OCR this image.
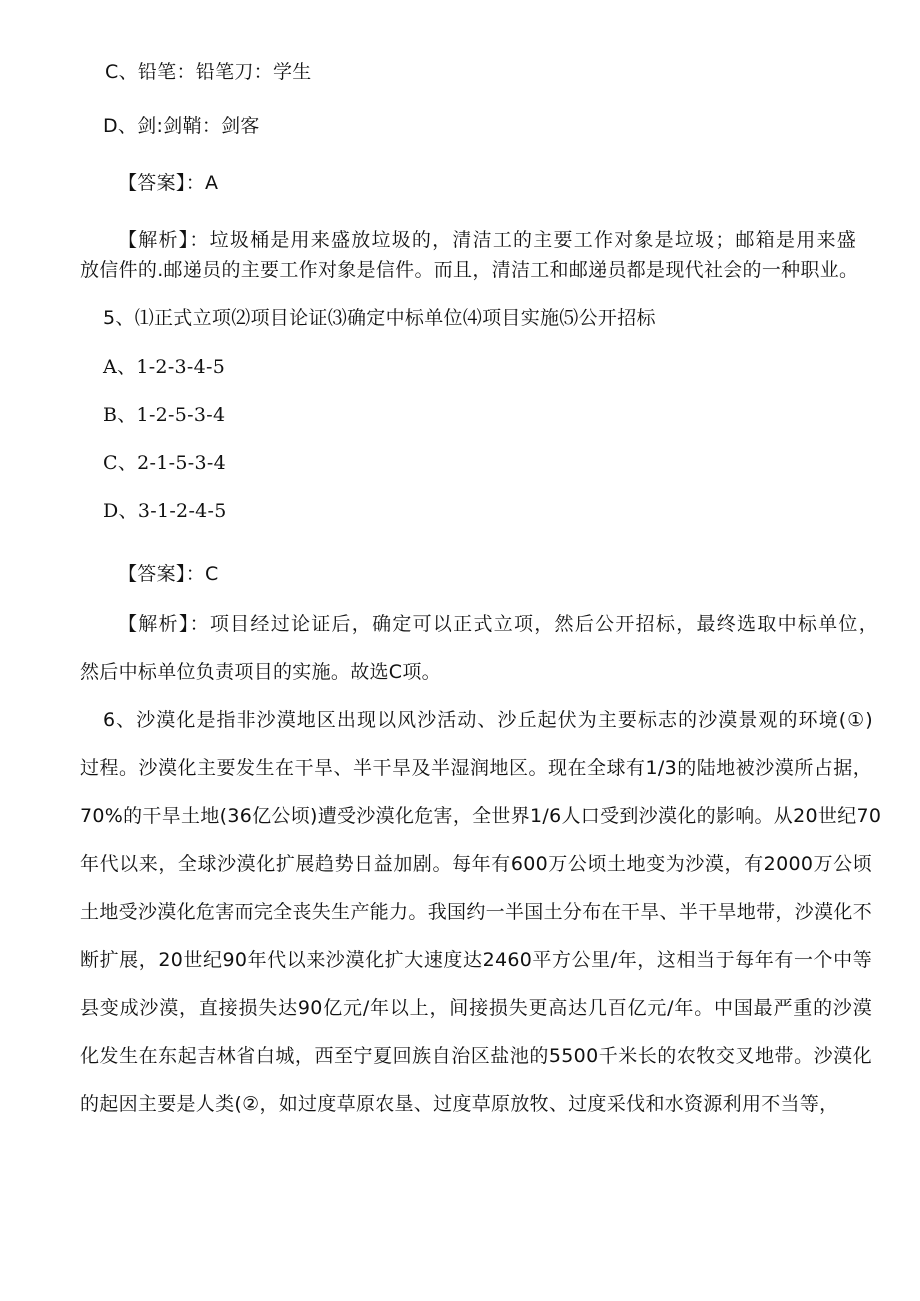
C、铅笔：铅笔刀：学生
D、剑:剑鞘：剑客
【答案】：A
【解析】：垃圾桶是用来盛放垃圾的，清洁工的主要工作对象是垃圾；邮箱是用来盛
放信件的.邮递员的主要工作对象是信件。而且，清洁工和邮递员都是现代社会的一种职业。
5、⑴正式立项⑵项目论证⑶确定中标单位⑷项目实施⑸公开招标
A、1-2-3-4-5
B、1-2-5-3-4
C、2-1-5-3-4
D、3-1-2-4-5
【答案】：C
【解析】：项目经过论证后，确定可以正式立项，然后公开招标，最终选取中标单位，
然后中标单位负责项目的实施。故选C项。
6、沙漠化是指非沙漠地区出现以风沙活动、沙丘起伏为主要标志的沙漠景观的环境(①)
过程。沙漠化主要发生在干旱、半干旱及半湿润地区。现在全球有1/3的陆地被沙漠所占据，
70%的干旱土地(36亿公顷)遭受沙漠化危害，全世界1/6人口受到沙漠化的影响。从20世纪70
年代以来，全球沙漠化扩展趋势日益加剧。每年有600万公顷土地变为沙漠，有2000万公顷
土地受沙漠化危害而完全丧失生产能力。我国约一半国土分布在干旱、半干旱地带，沙漠化不
断扩展，20世纪90年代以来沙漠化扩大速度达2460平方公里/年，这相当于每年有一个中等
县变成沙漠，直接损失达90亿元/年以上，间接损失更高达几百亿元/年。中国最严重的沙漠
化发生在东起吉林省白城，西至宁夏回族自治区盐池的5500千米长的农牧交叉地带。沙漠化
的起因主要是人类(②，如过度草原农垦、过度草原放牧、过度采伐和水资源利用不当等，
